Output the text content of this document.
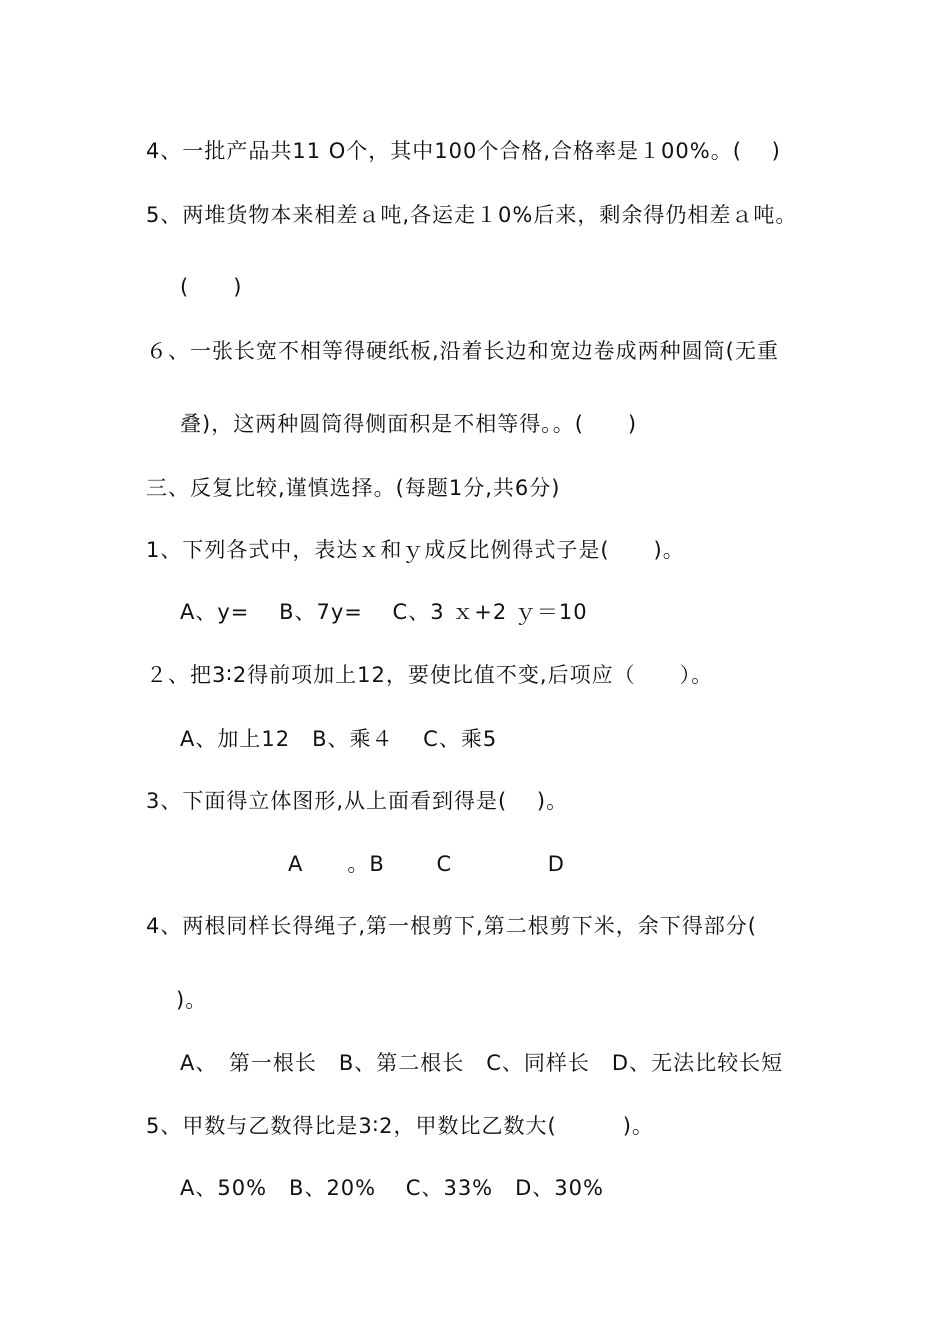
4、一批产品共11 O个，其中100个合格,合格率是１00%。(　 )
5、两堆货物本来相差ａ吨,各运走１0%后来，剩余得仍相差ａ吨。
(　　)
６、一张长宽不相等得硬纸板,沿着长边和宽边卷成两种圆筒(无重
叠)，这两种圆筒得侧面积是不相等得。。(　　)
三、反复比较,谨慎选择。(每题1分,共6分)
1、下列各式中，表达ｘ和ｙ成反比例得式子是(　　)。
A、y=　 B、7y=　 C、3 ｘ+2 ｙ＝10
２、把3∶2得前项加上12，要使比值不变,后项应（　　）。
A、加上12　B、乘４　 C、乘5
3、下面得立体图形,从上面看到得是(　 )。
A　　。B　　 C　　　　 D
4、两根同样长得绳子,第一根剪下,第二根剪下米，余下得部分(
)。
A、　第一根长　B、第二根长　C、同样长　D、无法比较长短
5、甲数与乙数得比是3∶2，甲数比乙数大(　　　)。
A、50%　B、20%　 C、33%　D、30%
